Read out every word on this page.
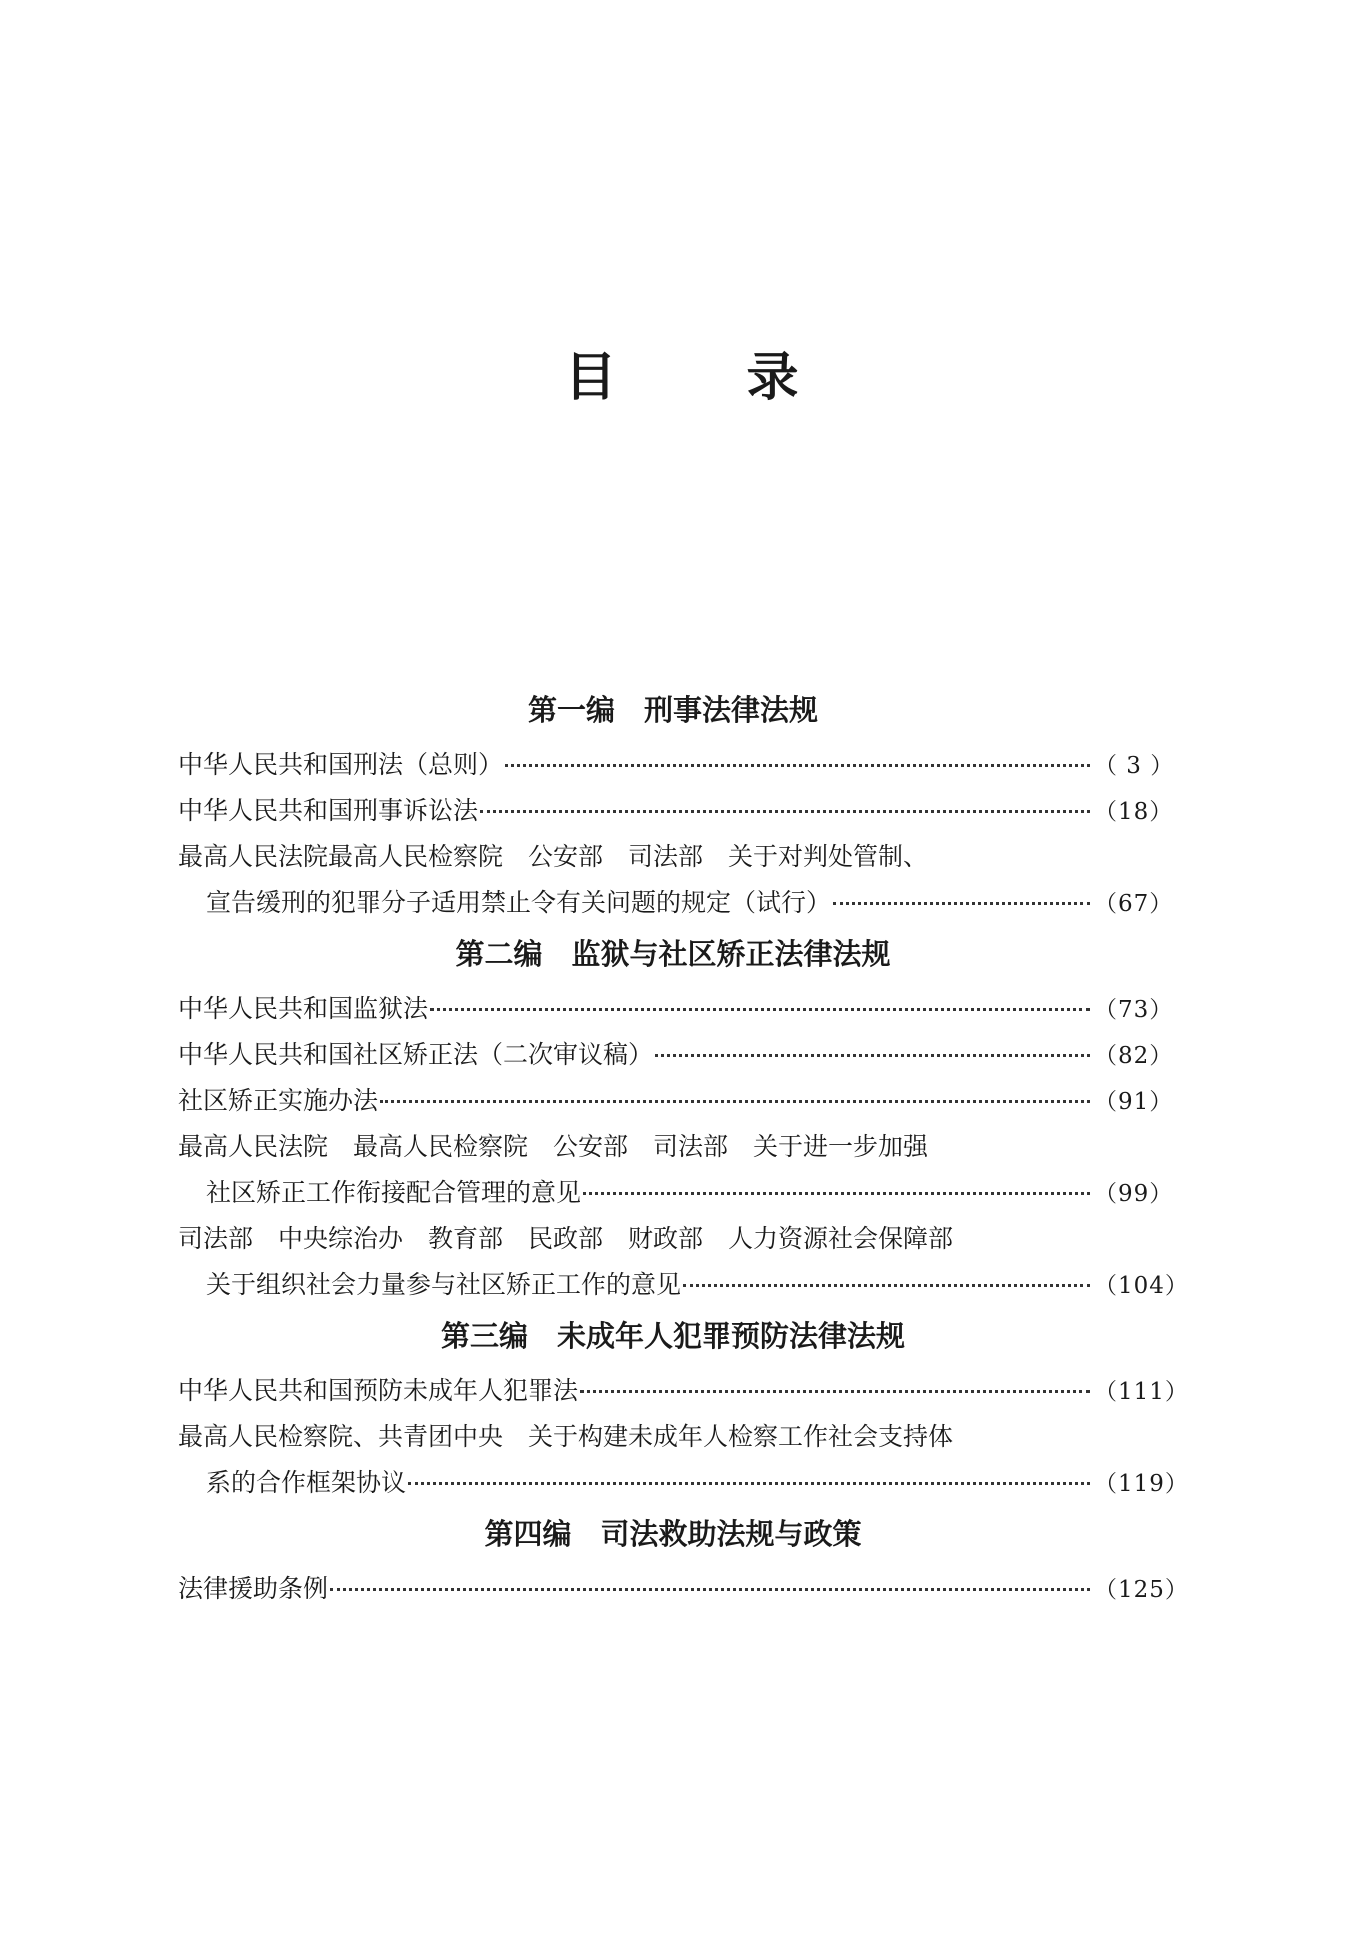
目 录
第一编　刑事法律法规
中华人民共和国刑法（总则）	（ 3 ）
中华人民共和国刑事诉讼法	（18）
最高人民法院最高人民检察院　公安部　司法部　关于对判处管制、
宣告缓刑的犯罪分子适用禁止令有关问题的规定（试行）	（67）
第二编　监狱与社区矫正法律法规
中华人民共和国监狱法	（73）
中华人民共和国社区矫正法（二次审议稿）	（82）
社区矫正实施办法	（91）
最高人民法院　最高人民检察院　公安部　司法部　关于进一步加强
社区矫正工作衔接配合管理的意见	（99）
司法部　中央综治办　教育部　民政部　财政部　人力资源社会保障部
关于组织社会力量参与社区矫正工作的意见	（104）
第三编　未成年人犯罪预防法律法规
中华人民共和国预防未成年人犯罪法	（111）
最高人民检察院、共青团中央　关于构建未成年人检察工作社会支持体
系的合作框架协议	（119）
第四编　司法救助法规与政策
法律援助条例	（125）
